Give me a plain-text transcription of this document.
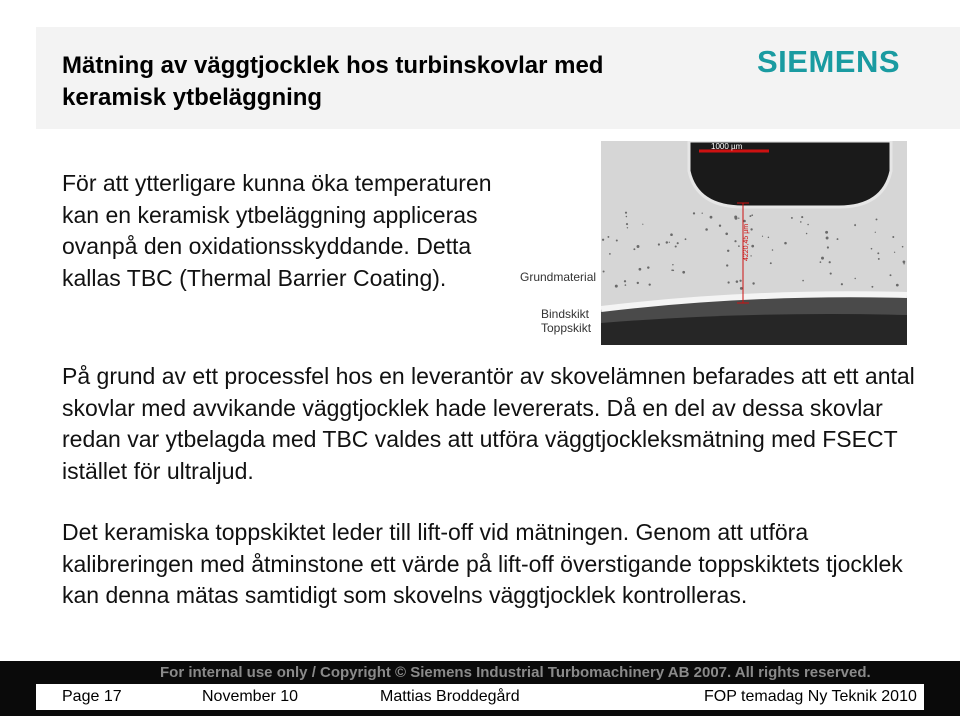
Mätning av väggtjocklek hos turbinskovlar med keramisk ytbeläggning
SIEMENS

För att ytterligare kunna öka temperaturen kan en keramisk ytbeläggning appliceras ovanpå den oxidationsskyddande. Detta kallas TBC (Thermal Barrier Coating).

1000 µm
4220,45 µm
Grundmaterial
Bindskikt
Toppskikt

På grund av ett processfel hos en leverantör av skovelämnen befarades att ett antal skovlar med avvikande väggtjocklek hade levererats. Då en del av dessa skovlar redan var ytbelagda med TBC valdes att utföra väggtjockleksmätning med FSECT istället för ultraljud.

Det keramiska toppskiktet leder till lift-off vid mätningen. Genom att utföra kalibreringen med åtminstone ett värde på lift-off överstigande toppskiktets tjocklek kan denna mätas samtidigt som skovelns väggtjocklek kontrolleras.

For internal use only / Copyright © Siemens Industrial Turbomachinery AB 2007. All rights reserved.
Page 17	November 10	Mattias Broddegård	FOP temadag Ny Teknik 2010
